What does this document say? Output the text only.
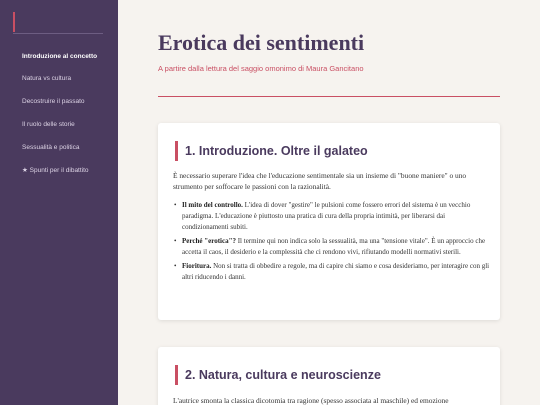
Introduzione al concetto
Natura vs cultura
Decostruire il passato
Il ruolo delle storie
Sessualità e politica
★ Spunti per il dibattito
Erotica dei sentimenti

A partire dalla lettura del saggio omonimo di Maura Gancitano

1. Introduzione. Oltre il galateo

È necessario superare l'idea che l'educazione sentimentale sia un insieme di "buone maniere" o uno strumento per soffocare le passioni con la razionalità.

• Il mito del controllo. L'idea di dover "gestire" le pulsioni come fossero errori del sistema è un vecchio paradigma. L'educazione è piuttosto una pratica di cura della propria intimità, per liberarsi dai condizionamenti subiti.
• Perché "erotica"? Il termine qui non indica solo la sessualità, ma una "tensione vitale". È un approccio che accetta il caos, il desiderio e la complessità che ci rendono vivi, rifiutando modelli normativi sterili.
• Fioritura. Non si tratta di obbedire a regole, ma di capire chi siamo e cosa desideriamo, per interagire con gli altri riducendo i danni.
2. Natura, cultura e neuroscienze

L'autrice smonta la classica dicotomia tra ragione (spesso associata al maschile) ed emozione
